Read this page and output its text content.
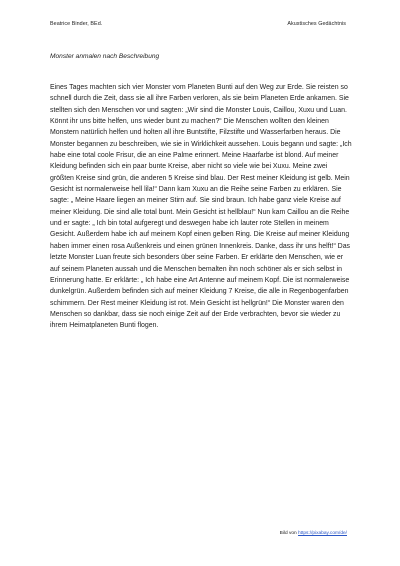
Beatrice Binder, BEd.	Akustisches Gedächtnis
Monster anmalen nach Beschreibung

Eines Tages machten sich vier Monster vom Planeten Bunti auf den Weg zur Erde. Sie reisten so schnell durch die Zeit, dass sie all ihre Farben verloren, als sie beim Planeten Erde ankamen. Sie stellten sich den Menschen vor und sagten: „Wir sind die Monster Louis, Caillou, Xuxu und Luan. Könnt ihr uns bitte helfen, uns wieder bunt zu machen?“ Die Menschen wollten den kleinen Monstern natürlich helfen und holten all ihre Buntstifte, Filzstifte und Wasserfarben heraus. Die Monster begannen zu beschreiben, wie sie in Wirklichkeit aussehen. Louis begann und sagte: „Ich habe eine total coole Frisur, die an eine Palme erinnert. Meine Haarfarbe ist blond. Auf meiner Kleidung befinden sich ein paar bunte Kreise, aber nicht so viele wie bei Xuxu. Meine zwei größten Kreise sind grün, die anderen 5 Kreise sind blau. Der Rest meiner Kleidung ist gelb. Mein Gesicht ist normalerweise hell lila!“ Dann kam Xuxu an die Reihe seine Farben zu erklären. Sie sagte: „ Meine Haare liegen an meiner Stirn auf. Sie sind braun. Ich habe ganz viele Kreise auf meiner Kleidung. Die sind alle total bunt. Mein Gesicht ist hellblau!“ Nun kam Caillou an die Reihe und er sagte: „ Ich bin total aufgeregt und deswegen habe ich lauter rote Stellen in meinem Gesicht. Außerdem habe ich auf meinem Kopf einen gelben Ring. Die Kreise auf meiner Kleidung haben immer einen rosa Außenkreis und einen grünen Innenkreis. Danke, dass ihr uns helft!“ Das letzte Monster Luan freute sich besonders über seine Farben. Er erklärte den Menschen, wie er auf seinem Planeten aussah und die Menschen bemalten ihn noch schöner als er sich selbst in Erinnerung hatte. Er erklärte: „ Ich habe eine Art Antenne auf meinem Kopf. Die ist normalerweise dunkelgrün. Außerdem befinden sich auf meiner Kleidung 7 Kreise, die alle in Regenbogenfarben schimmern. Der Rest meiner Kleidung ist rot. Mein Gesicht ist hellgrün!“ Die Monster waren den Menschen so dankbar, dass sie noch einige Zeit auf der Erde verbrachten, bevor sie wieder zu ihrem Heimatplaneten Bunti flogen.

Bild von https://pixabay.com/de/
